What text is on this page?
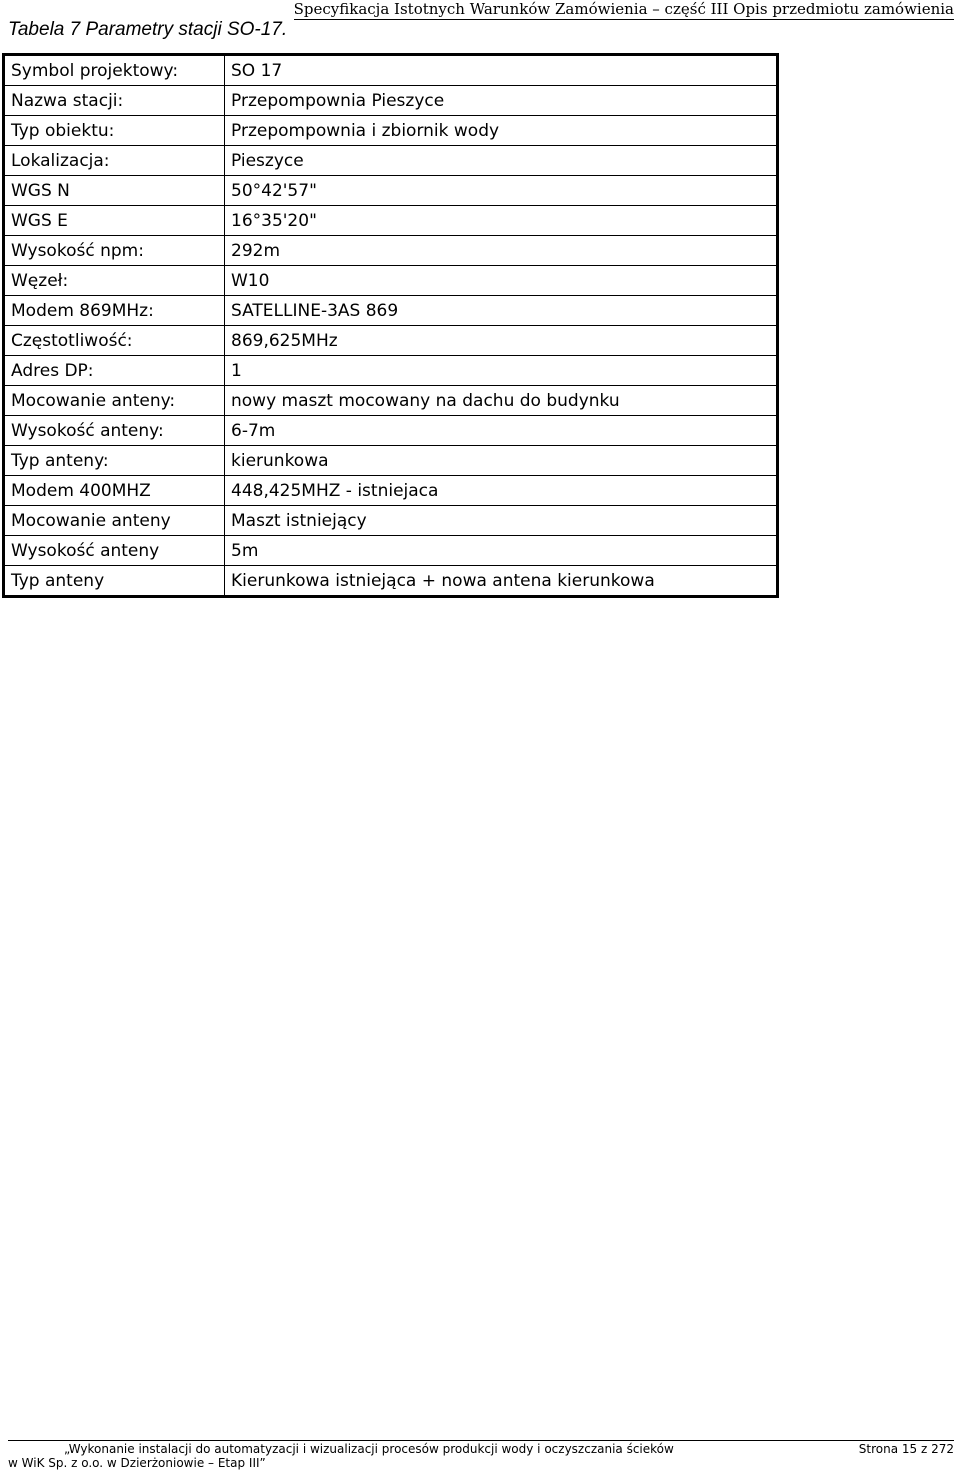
Specyfikacja Istotnych Warunków Zamówienia – część III Opis przedmiotu zamówienia
Tabela 7 Parametry stacji SO-17.
Symbol projektowy:	SO 17
Nazwa stacji:	Przepompownia Pieszyce
Typ obiektu:	Przepompownia i zbiornik wody
Lokalizacja:	Pieszyce
WGS N	50°42'57"
WGS E	16°35'20"
Wysokość npm:	292m
Węzeł:	W10
Modem 869MHz:	SATELLINE-3AS 869
Częstotliwość:	869,625MHz
Adres DP:	1
Mocowanie anteny:	nowy maszt mocowany na dachu do budynku
Wysokość anteny:	6-7m
Typ anteny:	kierunkowa
Modem 400MHZ	448,425MHZ - istniejaca
Mocowanie anteny	Maszt istniejący
Wysokość anteny	5m
Typ anteny	Kierunkowa istniejąca + nowa antena kierunkowa
„Wykonanie instalacji do automatyzacji i wizualizacji procesów produkcji wody i oczyszczania ścieków	Strona 15 z 272
w WiK Sp. z o.o. w Dzierżoniowie – Etap III”
